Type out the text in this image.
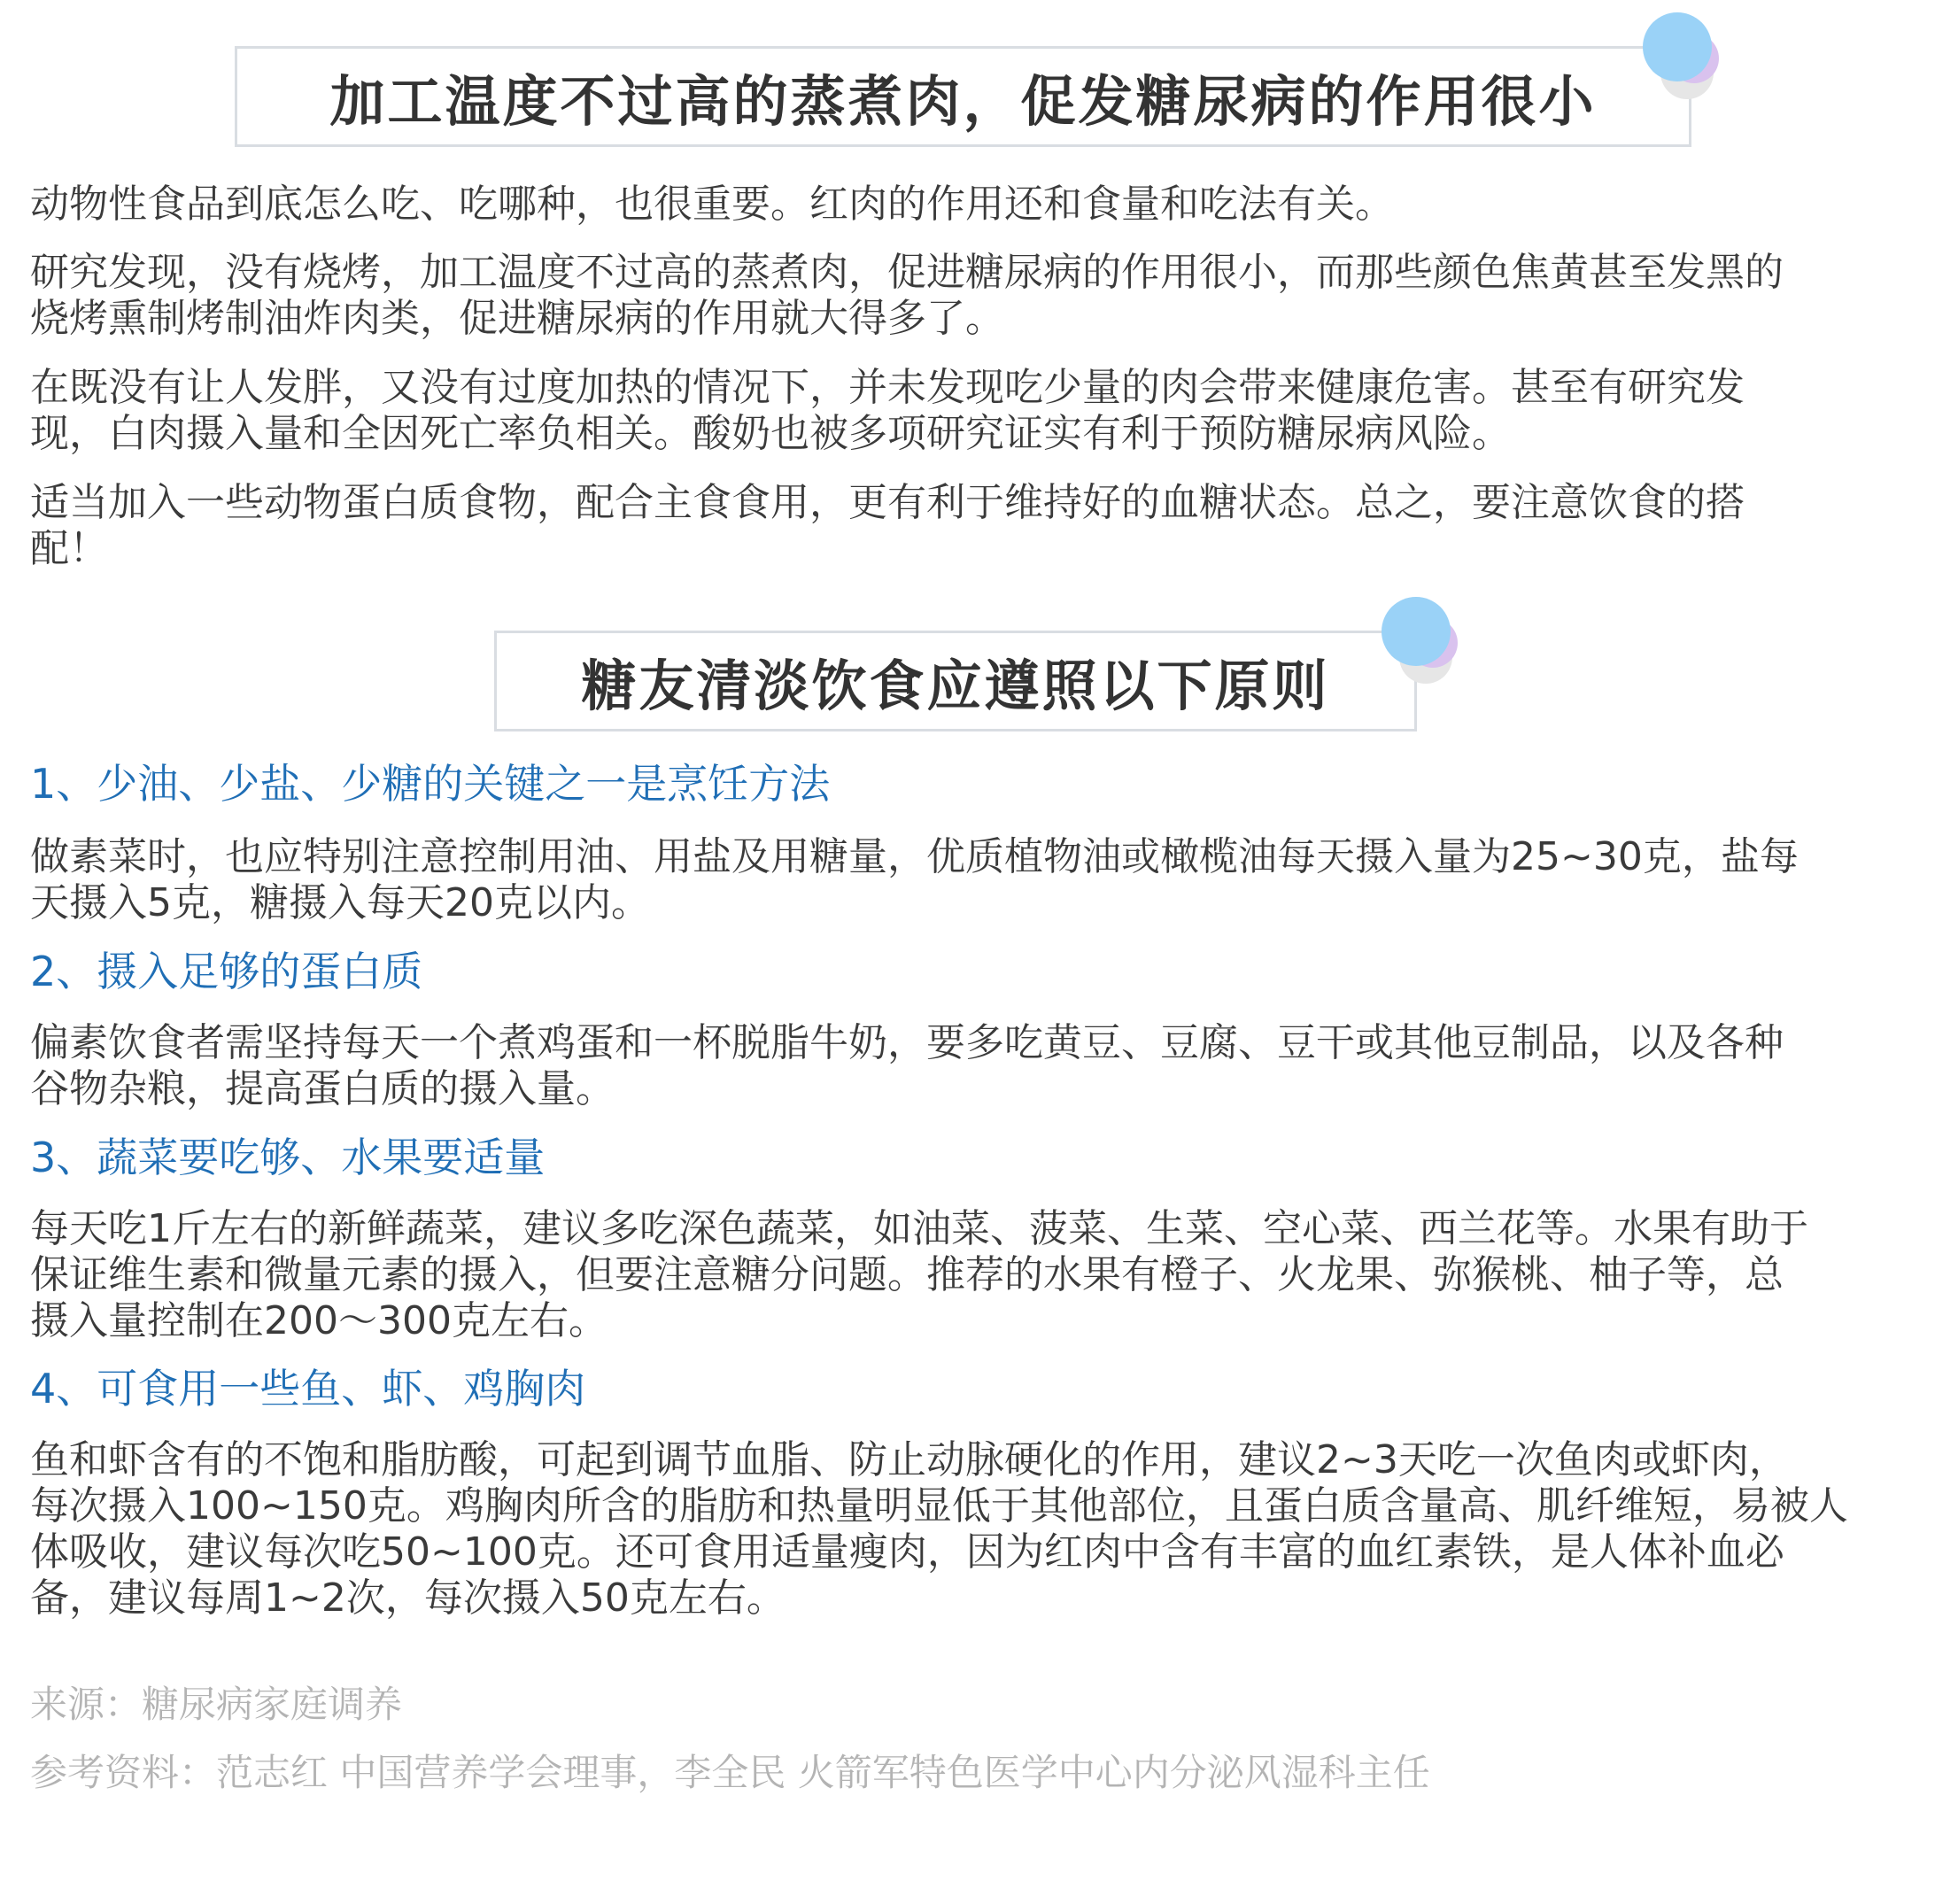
加工温度不过高的蒸煮肉，促发糖尿病的作用很小

动物性食品到底怎么吃、吃哪种，也很重要。红肉的作用还和食量和吃法有关。

研究发现，没有烧烤，加工温度不过高的蒸煮肉，促进糖尿病的作用很小，而那些颜色焦黄甚至发黑的
烧烤熏制烤制油炸肉类，促进糖尿病的作用就大得多了。

在既没有让人发胖，又没有过度加热的情况下，并未发现吃少量的肉会带来健康危害。甚至有研究发
现，白肉摄入量和全因死亡率负相关。酸奶也被多项研究证实有利于预防糖尿病风险。

适当加入一些动物蛋白质食物，配合主食食用，更有利于维持好的血糖状态。总之，要注意饮食的搭
配！

糖友清淡饮食应遵照以下原则

1、少油、少盐、少糖的关键之一是烹饪方法

做素菜时，也应特别注意控制用油、用盐及用糖量，优质植物油或橄榄油每天摄入量为25~30克，盐每
天摄入5克，糖摄入每天20克以内。

2、摄入足够的蛋白质

偏素饮食者需坚持每天一个煮鸡蛋和一杯脱脂牛奶，要多吃黄豆、豆腐、豆干或其他豆制品，以及各种
谷物杂粮，提高蛋白质的摄入量。

3、蔬菜要吃够、水果要适量

每天吃1斤左右的新鲜蔬菜，建议多吃深色蔬菜，如油菜、菠菜、生菜、空心菜、西兰花等。水果有助于
保证维生素和微量元素的摄入，但要注意糖分问题。推荐的水果有橙子、火龙果、弥猴桃、柚子等，总
摄入量控制在200～300克左右。

4、可食用一些鱼、虾、鸡胸肉

鱼和虾含有的不饱和脂肪酸，可起到调节血脂、防止动脉硬化的作用，建议2~3天吃一次鱼肉或虾肉，
每次摄入100~150克。鸡胸肉所含的脂肪和热量明显低于其他部位，且蛋白质含量高、肌纤维短，易被人
体吸收，建议每次吃50~100克。还可食用适量瘦肉，因为红肉中含有丰富的血红素铁，是人体补血必
备，建议每周1~2次，每次摄入50克左右。

来源：糖尿病家庭调养

参考资料：范志红 中国营养学会理事，李全民 火箭军特色医学中心内分泌风湿科主任
